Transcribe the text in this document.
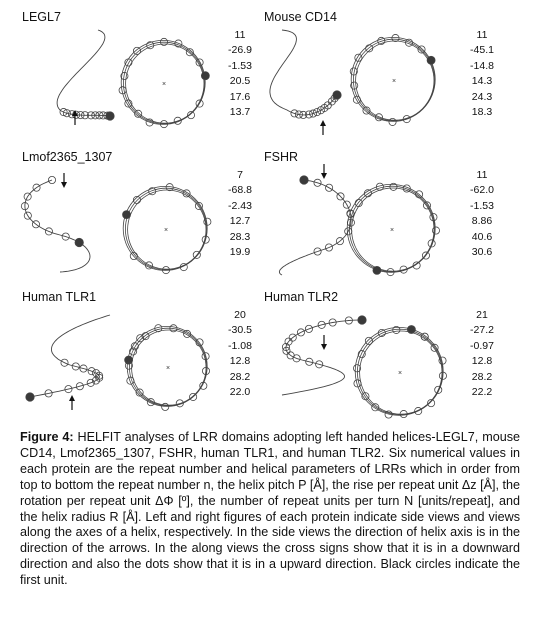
LEGL7
×
11
-26.9
-1.53
20.5
17.6
13.7
Mouse CD14
×
11
-45.1
-14.8
14.3
24.3
18.3
Lmof2365_1307
×
7
-68.8
-2.43
12.7
28.3
19.9
FSHR
×
11
-62.0
-1.53
8.86
40.6
30.6
Human TLR1
×
20
-30.5
-1.08
12.8
28.2
22.0
Human TLR2
×
21
-27.2
-0.97
12.8
28.2
22.2
Figure 4: HELFIT analyses of LRR domains adopting left handed helices-LEGL7, mouse CD14, Lmof2365_1307, FSHR, human TLR1, and human TLR2. Six numerical values in each protein are the repeat number and helical parameters of LRRs which in order from top to bottom the repeat number n, the helix pitch P [Å], the rise per repeat unit Δz [Å], the rotation per repeat unit ΔΦ [º], the number of repeat units per turn N [units/repeat], and the helix radius R [Å]. Left and right figures of each protein indicate side views and views along the axes of a helix, respectively. In the side views the direction of helix axis is in the direction of the arrows. In the along views the cross signs show that it is in a downward direction and also the dots show that it is in a upward direction. Black circles indicate the first unit.
